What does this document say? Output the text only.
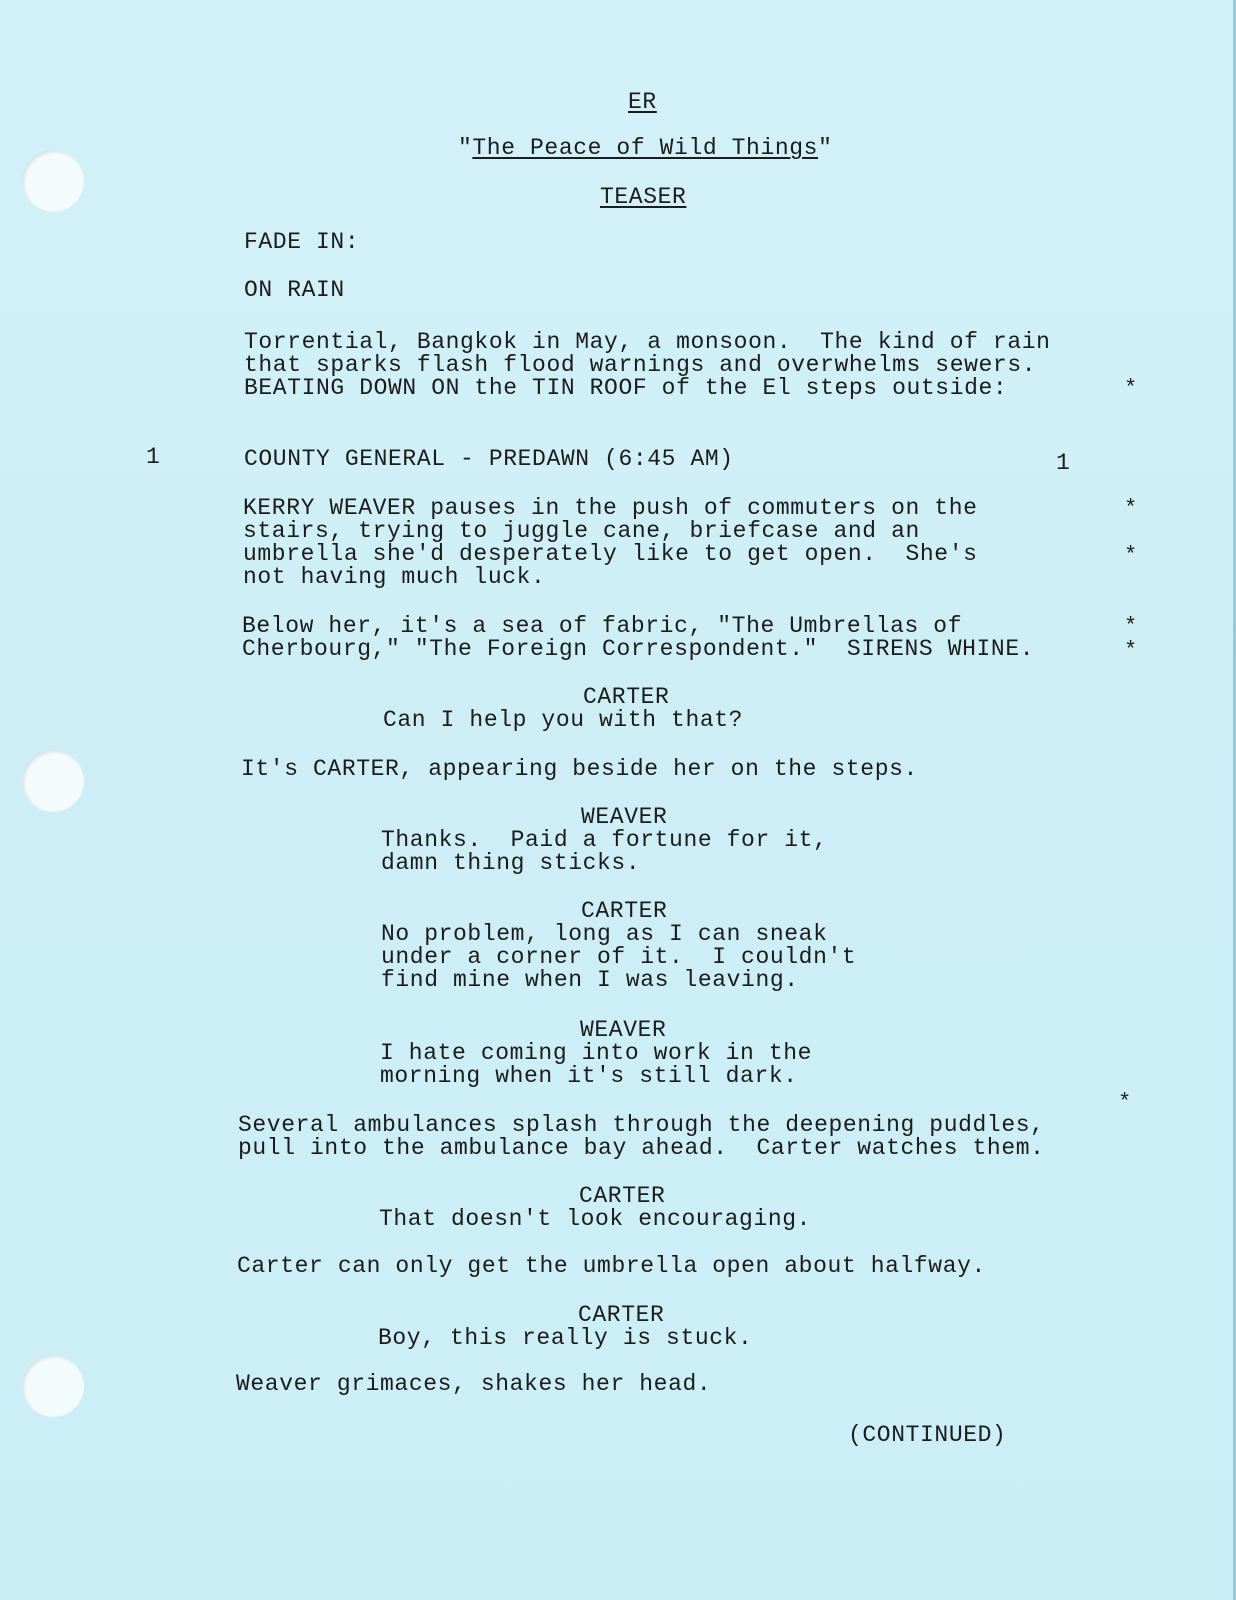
ER
"The Peace of Wild Things"
TEASER
FADE IN:
ON RAIN
Torrential, Bangkok in May, a monsoon.  The kind of rain
that sparks flash flood warnings and overwhelms sewers.
BEATING DOWN ON the TIN ROOF of the El steps outside:	*
1	COUNTY GENERAL - PREDAWN (6:45 AM)	1
KERRY WEAVER pauses in the push of commuters on the
stairs, trying to juggle cane, briefcase and an
umbrella she'd desperately like to get open.  She's
not having much luck.
*
*
Below her, it's a sea of fabric, "The Umbrellas of
Cherbourg," "The Foreign Correspondent."  SIRENS WHINE.
*
*
CARTER
Can I help you with that?
It's CARTER, appearing beside her on the steps.
WEAVER
Thanks.  Paid a fortune for it,
damn thing sticks.
CARTER
No problem, long as I can sneak
under a corner of it.  I couldn't
find mine when I was leaving.
WEAVER
I hate coming into work in the
morning when it's still dark.
*
Several ambulances splash through the deepening puddles,
pull into the ambulance bay ahead.  Carter watches them.
CARTER
That doesn't look encouraging.
Carter can only get the umbrella open about halfway.
CARTER
Boy, this really is stuck.
Weaver grimaces, shakes her head.
(CONTINUED)
